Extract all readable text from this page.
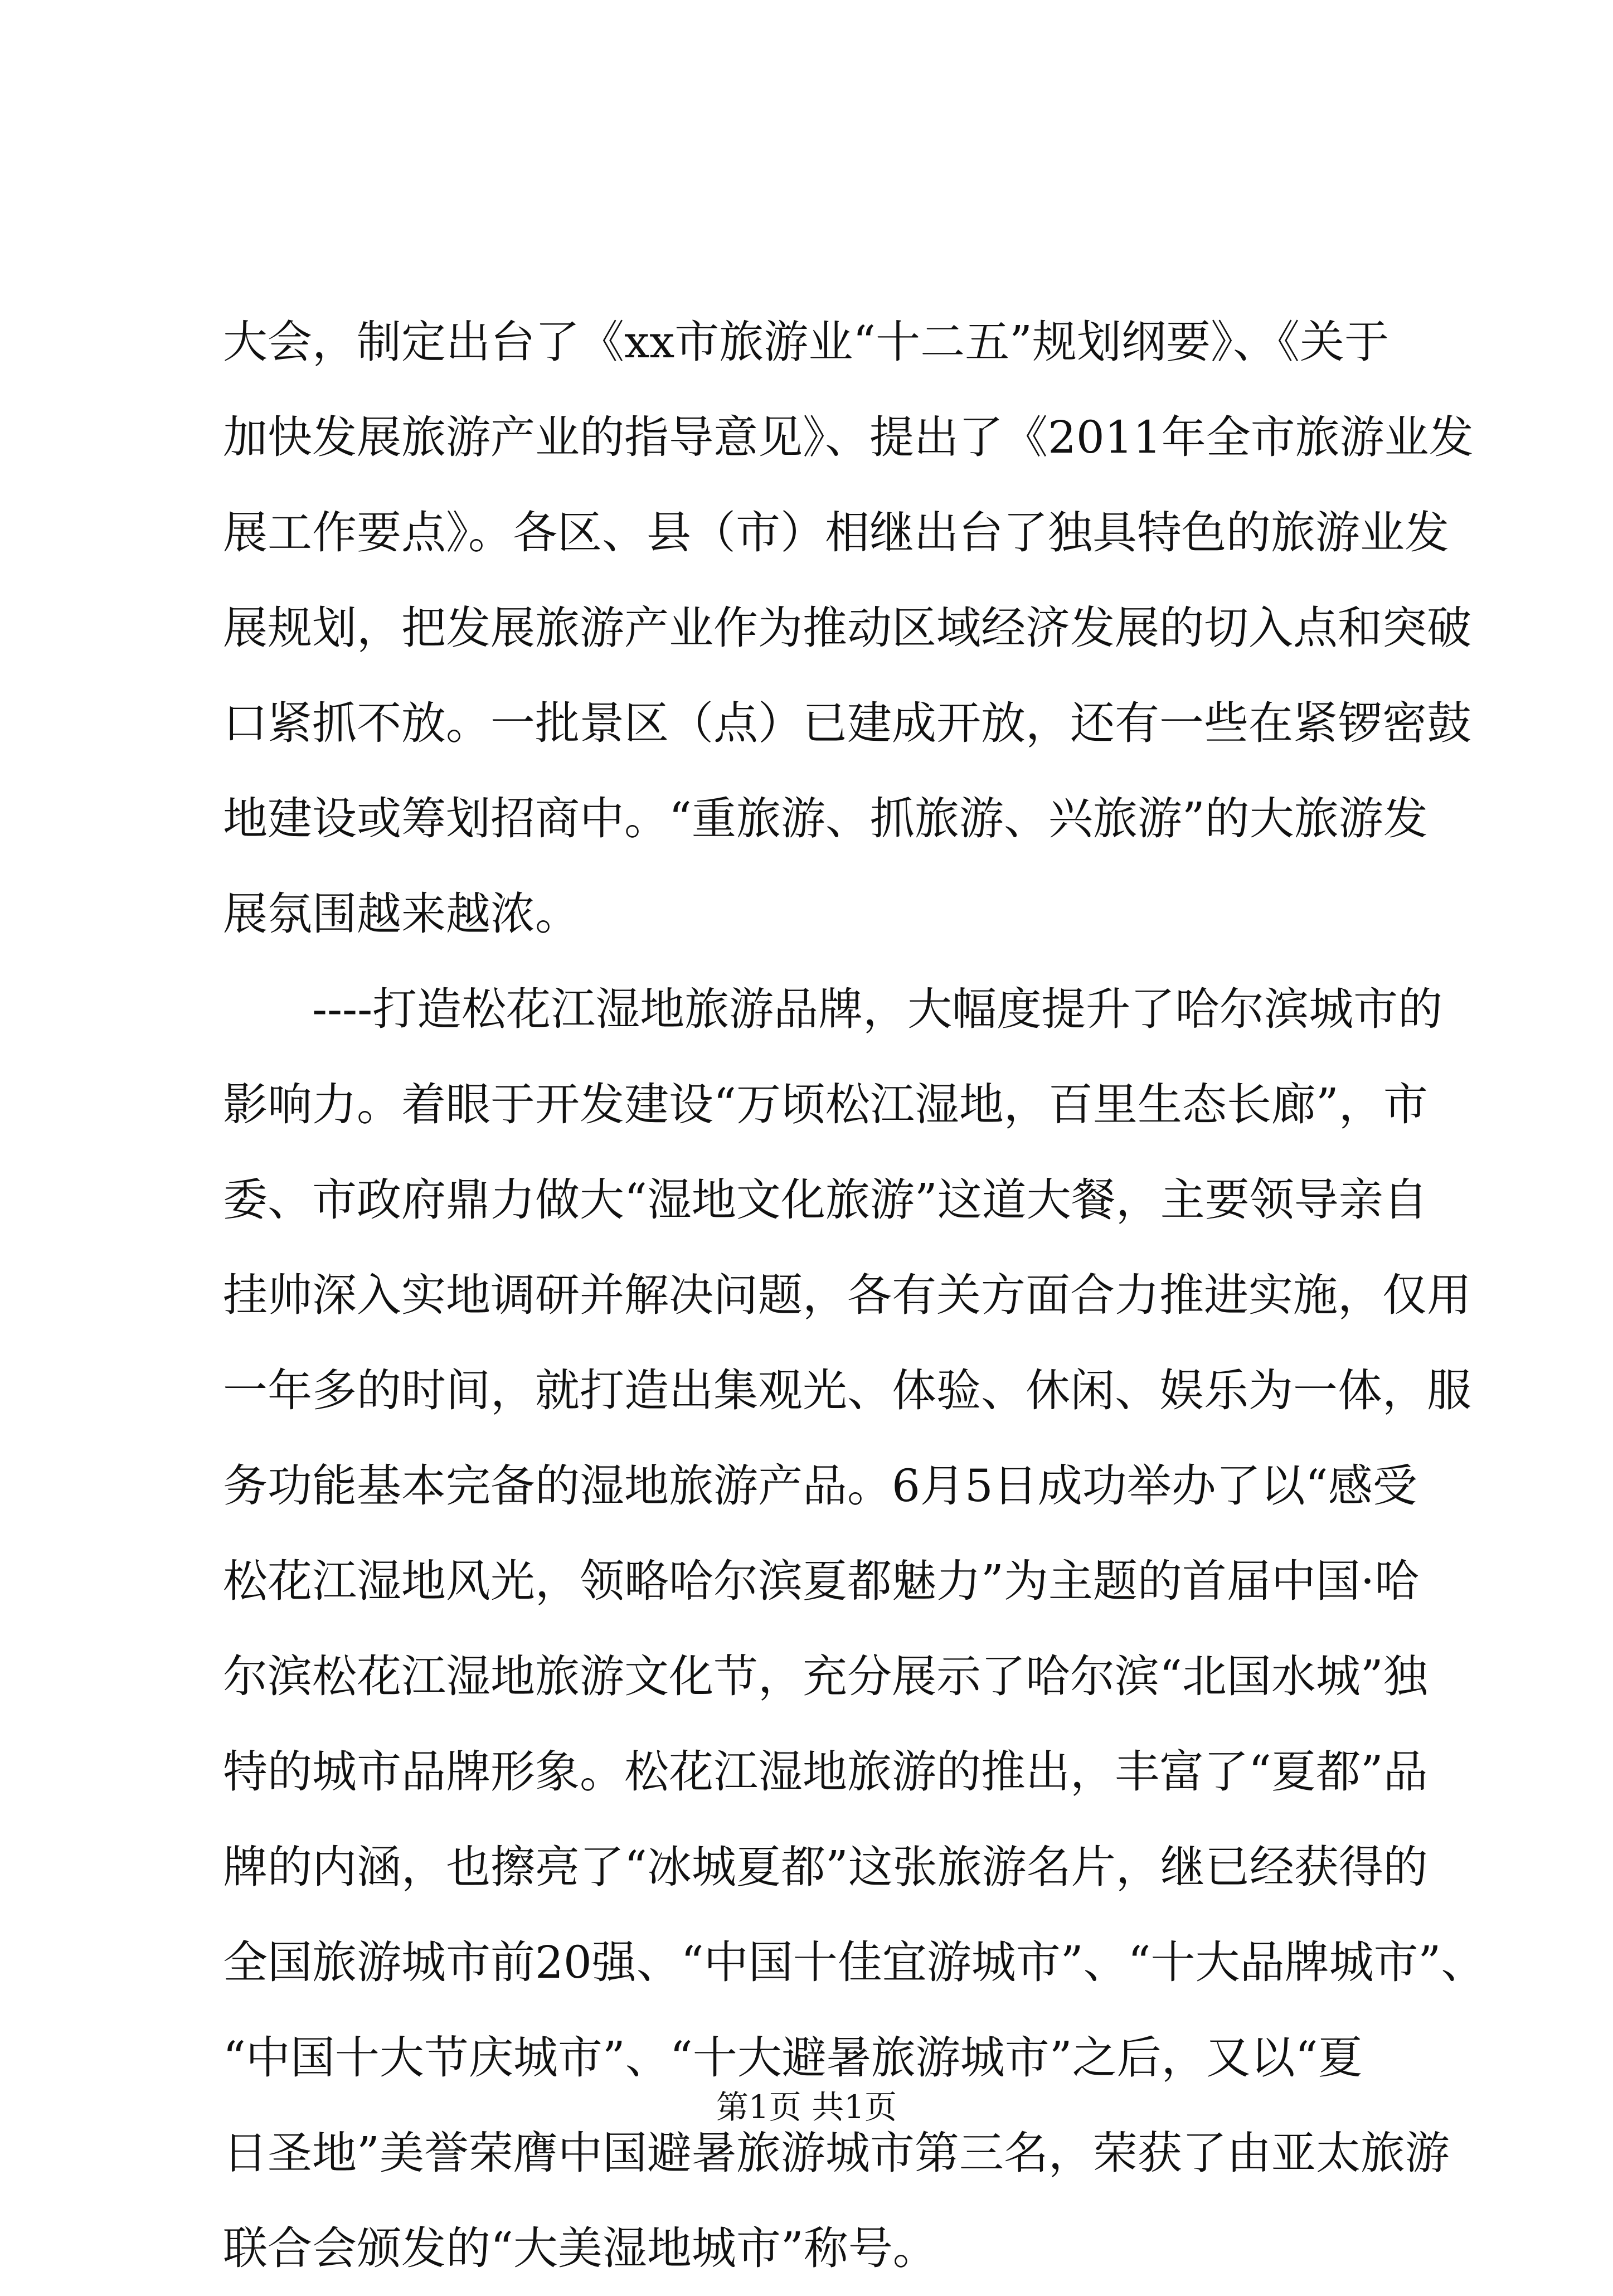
大会，制定出台了《xx市旅游业“十二五”规划纲要》、《关于
加快发展旅游产业的指导意见》、提出了《2011年全市旅游业发
展工作要点》。各区、县（市）相继出台了独具特色的旅游业发
展规划，把发展旅游产业作为推动区域经济发展的切入点和突破
口紧抓不放。一批景区（点）已建成开放，还有一些在紧锣密鼓
地建设或筹划招商中。“重旅游、抓旅游、兴旅游”的大旅游发
展氛围越来越浓。
　　----打造松花江湿地旅游品牌，大幅度提升了哈尔滨城市的
影响力。着眼于开发建设“万顷松江湿地，百里生态长廊”，市
委、市政府鼎力做大“湿地文化旅游”这道大餐，主要领导亲自
挂帅深入实地调研并解决问题，各有关方面合力推进实施，仅用
一年多的时间，就打造出集观光、体验、休闲、娱乐为一体，服
务功能基本完备的湿地旅游产品。6月5日成功举办了以“感受
松花江湿地风光，领略哈尔滨夏都魅力”为主题的首届中国·哈
尔滨松花江湿地旅游文化节，充分展示了哈尔滨“北国水城”独
特的城市品牌形象。松花江湿地旅游的推出，丰富了“夏都”品
牌的内涵，也擦亮了“冰城夏都”这张旅游名片，继已经获得的
全国旅游城市前20强、“中国十佳宜游城市”、“十大品牌城市”、
“中国十大节庆城市”、“十大避暑旅游城市”之后，又以“夏
日圣地”美誉荣膺中国避暑旅游城市第三名，荣获了由亚太旅游
联合会颁发的“大美湿地城市”称号。
第1页 共1页
